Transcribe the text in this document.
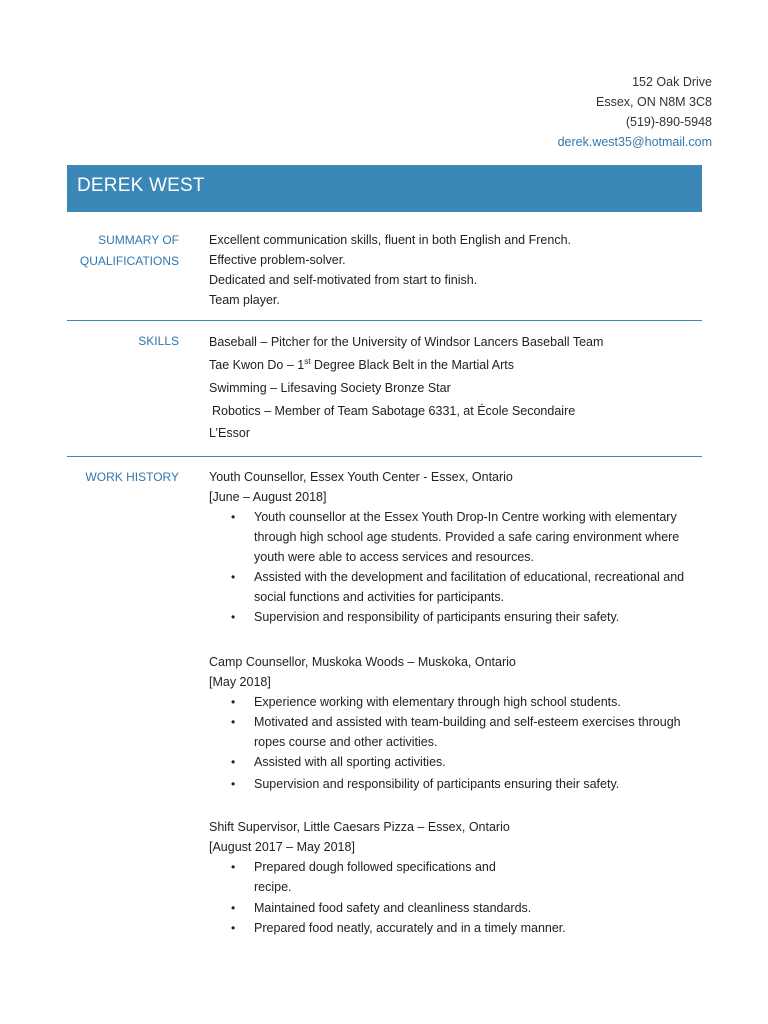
152 Oak Drive
Essex, ON N8M 3C8
(519)-890-5948
derek.west35@hotmail.com
DEREK WEST
SUMMARY OF
QUALIFICATIONS
Excellent communication skills, fluent in both English and French.
Effective problem-solver.
Dedicated and self-motivated from start to finish.
Team player.
SKILLS Baseball – Pitcher for the University of Windsor Lancers Baseball Team
Tae Kwon Do – 1st Degree Black Belt in the Martial Arts
Swimming – Lifesaving Society Bronze Star
Robotics – Member of Team Sabotage 6331, at École Secondaire
L’Essor
WORK HISTORY Youth Counsellor, Essex Youth Center - Essex, Ontario
[June – August 2018]
• Youth counsellor at the Essex Youth Drop-In Centre working with elementary
through high school age students. Provided a safe caring environment where
youth were able to access services and resources.
• Assisted with the development and facilitation of educational, recreational and
social functions and activities for participants.
• Supervision and responsibility of participants ensuring their safety.
Camp Counsellor, Muskoka Woods – Muskoka, Ontario
[May 2018]
• Experience working with elementary through high school students.
• Motivated and assisted with team-building and self-esteem exercises through
ropes course and other activities.
• Assisted with all sporting activities.
• Supervision and responsibility of participants ensuring their safety.
Shift Supervisor, Little Caesars Pizza – Essex, Ontario
[August 2017 – May 2018]
• Prepared dough followed specifications and
recipe.
• Maintained food safety and cleanliness standards.
• Prepared food neatly, accurately and in a timely manner.
